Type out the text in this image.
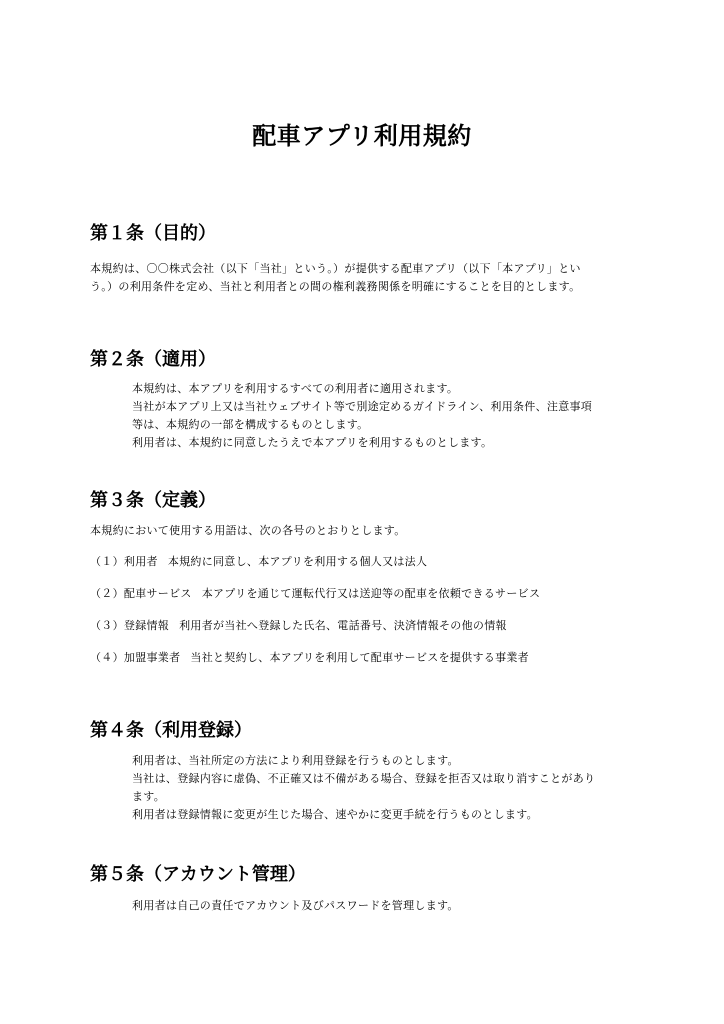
配車アプリ利用規約
第１条（目的）

本規約は、〇〇株式会社（以下「当社」という。）が提供する配車アプリ（以下「本アプリ」とい
う。）の利用条件を定め、当社と利用者との間の権利義務関係を明確にすることを目的とします。

第２条（適用）

本規約は、本アプリを利用するすべての利用者に適用されます。
当社が本アプリ上又は当社ウェブサイト等で別途定めるガイドライン、利用条件、注意事項
等は、本規約の一部を構成するものとします。
利用者は、本規約に同意したうえで本アプリを利用するものとします。

第３条（定義）

本規約において使用する用語は、次の各号のとおりとします。

（１）利用者 本規約に同意し、本アプリを利用する個人又は法人

（２）配車サービス 本アプリを通じて運転代行又は送迎等の配車を依頼できるサービス

（３）登録情報 利用者が当社へ登録した氏名、電話番号、決済情報その他の情報

（４）加盟事業者 当社と契約し、本アプリを利用して配車サービスを提供する事業者

第４条（利用登録）

利用者は、当社所定の方法により利用登録を行うものとします。
当社は、登録内容に虚偽、不正確又は不備がある場合、登録を拒否又は取り消すことがあり
ます。
利用者は登録情報に変更が生じた場合、速やかに変更手続を行うものとします。

第５条（アカウント管理）

利用者は自己の責任でアカウント及びパスワードを管理します。
